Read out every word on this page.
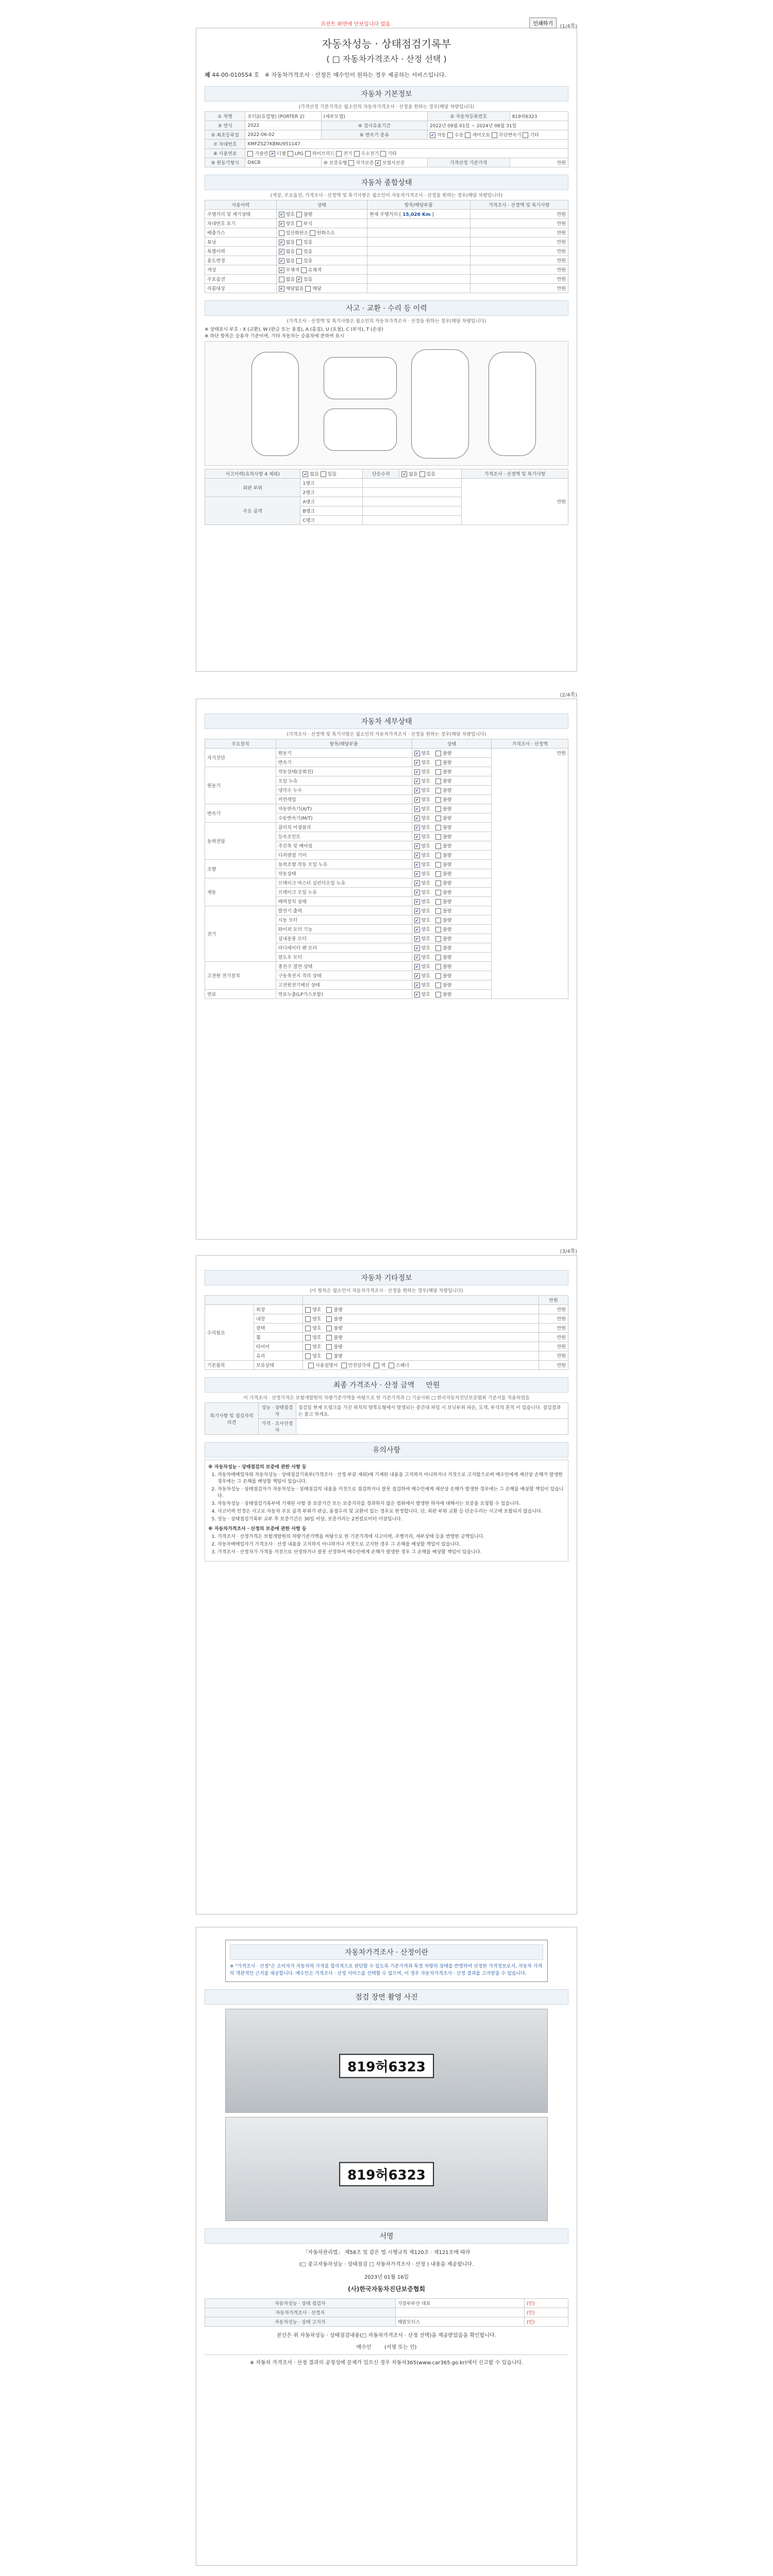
프린트 화면에 안보입니다 없음	인쇄하기	(1/4쪽)
자동차성능 · 상태점검기록부
( □ 자동차가격조사 · 산정 선택 )
제 44-00-010554 호 ※ 자동차가격조사 · 산정은 매수인이 원하는 경우 제공하는 서비스입니다.
자동차 기본정보
(가격산정 기준가격은 월소인의 자동차가격조사 · 산정을 원하는 경우(해당 차량입니다)
① 차명	포터2(유럽형) (PORTER 2)	(세부모델)	② 자동차등록번호	819허6323
③ 연식	2022	④ 검사유효기간	2022년 09월 01일 ~ 2024년 08월 31일	
⑤ 최초등록일	2022-06-02	⑥ 변속기 종류	✔자동 수동 세미오토 무단변속기 기타
⑦ 차대번호	KMFZSZ7KBNU951147			
⑧ 사용연료	가솔린 ✔ 디젤 LPG 하이브리드 전기 수소전기 기타
⑨ 원동기형식	D4CB	⑩ 보증유형 자가보증 ✔ 보험사보증	가격산정 기준가격	만원
자동차 종합상태
(색상, 주요옵션, 가격조사 · 산정액 및 특기사항은 월소인이 자동차가격조사 · 산정을 원하는 경우(해당 차량입니다)
사용이력	상태	항목/해당부품	가격조사 · 산정액 및 특기사항
주행거리 및 계기상태	✔양호 불량	현재 주행거리 [ 15,026 Km ]	만원
차대번호 표기	✔양호 부식		만원
배출가스	일산화탄소 탄화수소		만원
튜닝	✔없음 있음		만원
특별이력	✔없음 있음		만원
용도변경	✔없음 있음		만원
색상	✔무채색 유채색		만원
주요옵션	없음 ✔ 있음		만원
리콜대상	✔해당없음 해당		만원
사고 · 교환 · 수리 등 이력
(가격조사 · 산정액 및 특기사항은 월소인의 자동차가격조사 · 산정을 원하는 경우(해당 차량입니다)
※ 상태표시 부호 : X (교환), W (판금 또는 용접), A (흠집), U (요철), C (부식), T (손상)
※ 하단 항목은 승용차 기준이며, 기타 자동차는 승용차에 준하여 표시
사고이력(유의사항 4 제외)	✔없음 있음	단순수리	✔없음 있음	가격조사 · 산정액 및 특기사항
외판 부위	1랭크			만원
	2랭크			
주요 골격	A랭크			
	B랭크			
	C랭크			
(2/4쪽)
자동차 세부상태
(가격조사 · 산정액 및 특기사항은 월소인의 자동차가격조사 · 산정을 원하는 경우(해당 차량입니다)
주요장치	항목/해당부품	상태	가격조사 · 산정액
자기진단	원동기	✔양호 불량	만원
	변속기	✔양호 불량
원동기	작동상태(공회전)	✔양호 불량
	오일 누유	✔양호 불량
	냉각수 누수	✔양호 불량
	커먼레일	✔양호 불량
변속기	자동변속기(A/T)	✔양호 불량
	수동변속기(M/T)	✔양호 불량
동력전달	클러치 어셈블리	✔양호 불량
	등속조인트	✔양호 불량
	추진축 및 베어링	✔양호 불량
	디퍼렌셜 기어	✔양호 불량
조향	동력조향 작동 오일 누유	✔양호 불량
	작동상태	✔양호 불량
제동	브레이크 마스터 실린더오일 누유	✔양호 불량
	브레이크 오일 누유	✔양호 불량
	배력장치 상태	✔양호 불량
전기	발전기 출력	✔양호 불량
	시동 모터	✔양호 불량
	와이퍼 모터 기능	✔양호 불량
	실내송풍 모터	✔양호 불량
	라디에이터 팬 모터	✔양호 불량
	윈도우 모터	✔양호 불량
고전원 전기장치	충전구 절연 상태	✔양호 불량
	구동축전지 격리 상태	✔양호 불량
	고전원전기배선 상태	✔양호 불량
연료	연료누출(LP가스포함)	✔양호 불량
(3/4쪽)
자동차 기타정보
(이 항목은 월소인이 자동차가격조사 · 산정을 원하는 경우(해당 차량입니다)
			만원
수리필요	외장	양호 불량	만원
	내장	양호 불량	만원
	광택	양호 불량	만원
	휠	양호 불량	만원
	타이어	양호 불량	만원
	유리	양호 불량	만원
기본품목	보유상태	사용설명서 안전삼각대 잭 스패너	만원
최종 가격조사 · 산정 금액 만원
이 가격조사 · 산정가격은 보험개발원의 차량기준가액을 바탕으로 한 기준가격과 □ 기술사회 □ 한국자동차진단보증협회 기준서를 적용하였음
특기사항 및 점검자의 의견	성능 · 상태점검자	점검일 현재 트렁크를 가진 위치의 양쪽도형에서 발생되는 중간대 파일 시 보닛부위 파손, 도색, 부식의 흔적 이 있습니다. 점검결과 는 참고 하세요.
	가격 · 조사산정자	
유의사항
※ 자동차성능 · 상태점검의 보증에 관한 사항 등
1. 자동차매매업자와 자동차성능 · 상태점검기록부(가격조사 · 산정 부분 제외)에 기재된 내용을 고지하지 아니하거나 거짓으로 고지함으로써 매수인에게 재산상 손해가 발생한 경우에는 그 손해를 배상할 책임이 있습니다.
2. 자동차성능 · 상태점검자가 자동차성능 · 상태점검의 내용을 거짓으로 점검하거나 잘못 점검하여 매수인에게 재산상 손해가 발생한 경우에는 그 손해를 배상할 책임이 있습니다.
3. 자동차성능 · 상태점검기록부에 기재된 사항 중 보증기간 또는 보증거리를 경과하지 않은 범위에서 발생한 하자에 대해서는 보증을 요청할 수 있습니다.
4. 사고이력 인정은 사고로 자동차 주요 골격 부위가 판금, 용접수리 및 교환이 있는 경우로 한정합니다. 단, 외판 부위 교환 등 단순수리는 사고에 포함되지 않습니다.
5. 성능 · 상태점검기록부 교부 후 보증기간은 30일 이상, 보증거리는 2천킬로미터 이상입니다.
※ 자동차가격조사 · 산정의 보증에 관한 사항 등
1. 가격조사 · 산정가격은 보험개발원의 차량기준가액을 바탕으로 한 기준가격에 사고이력, 주행거리, 세부상태 등을 반영한 금액입니다.
2. 자동차매매업자가 가격조사 · 산정 내용을 고지하지 아니하거나 거짓으로 고지한 경우 그 손해를 배상할 책임이 있습니다.
3. 가격조사 · 산정자가 가격을 거짓으로 산정하거나 잘못 산정하여 매수인에게 손해가 발생한 경우 그 손해를 배상할 책임이 있습니다.
자동차가격조사 · 산정이란
※ "가격조사 · 산정"은 소비자가 자동차의 가격을 합리적으로 판단할 수 있도록 기준가격과 특정 차량의 상태를 반영하여 산정한 가격정보로서, 자동차 가격의 객관적인 근거를 제공합니다. 매수인은 가격조사 · 산정 서비스를 선택할 수 있으며, 이 경우 자동차가격조사 · 산정 결과를 고지받을 수 있습니다.
점검 장면 촬영 사진
819허6323
819허6323
서명
「자동차관리법」 제58조 및 같은 법 시행규칙 제120조 · 제121조에 따라
(□ 중고자동차성능 · 상태점검 □ 자동차가격조사 · 산정 ) 내용을 제공합니다.
2023년 01월 16일
(사)한국자동차진단보증협회
자동차성능 · 상태 점검자	가장부부산 대표	(인)
자동차가격조사 · 산정자		(인)
자동차성능 · 상태 고지자	해맑모터스	(인)
본인은 위 자동차성능 · 상태점검내용(□ 자동차가격조사 · 산정 선택)을 제공받았음을 확인합니다.
매수인	(서명 또는 인)
※ 자동차 가격조사 · 산정 결과의 공정성에 문제가 있으신 경우 자동차365(www.car365.go.kr)에서 신고할 수 있습니다.
